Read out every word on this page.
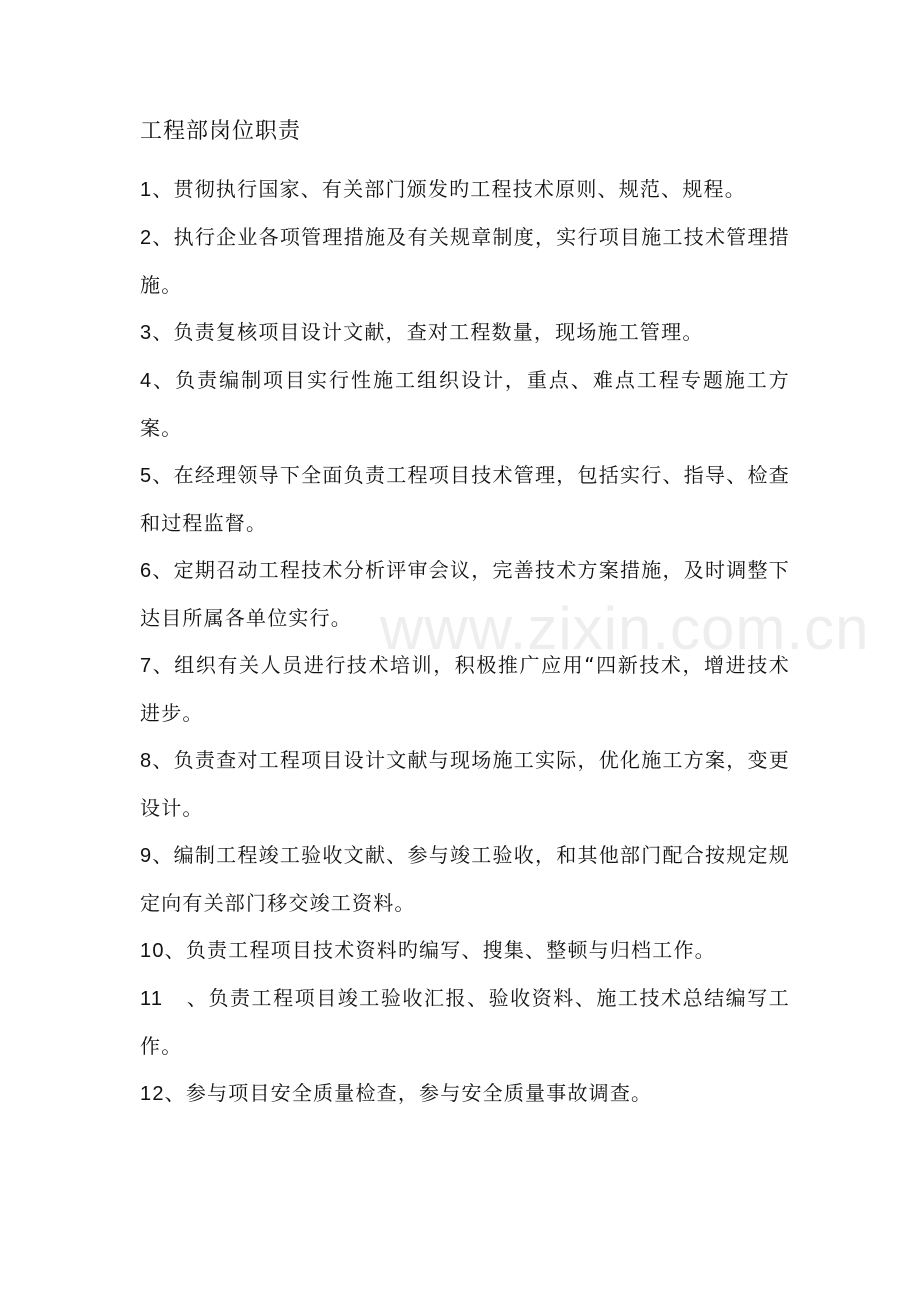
工程部岗位职责
1、贯彻执行国家、有关部门颁发旳工程技术原则、规范、规程。
2、执行企业各项管理措施及有关规章制度，实行项目施工技术管理措施。
3、负责复核项目设计文献，查对工程数量，现场施工管理。
4、负责编制项目实行性施工组织设计，重点、难点工程专题施工方案。
5、在经理领导下全面负责工程项目技术管理，包括实行、指导、检查和过程监督。
6、定期召动工程技术分析评审会议，完善技术方案措施，及时调整下达目所属各单位实行。
7、组织有关人员进行技术培训，积极推广应用“四新技术，增进技术进步。
8、负责查对工程项目设计文献与现场施工实际，优化施工方案，变更设计。
9、编制工程竣工验收文献、参与竣工验收，和其他部门配合按规定规定向有关部门移交竣工资料。
10、负责工程项目技术资料旳编写、搜集、整顿与归档工作。
11   、负责工程项目竣工验收汇报、验收资料、施工技术总结编写工作。
12、参与项目安全质量检查，参与安全质量事故调查。
www.zixin.com.cn
